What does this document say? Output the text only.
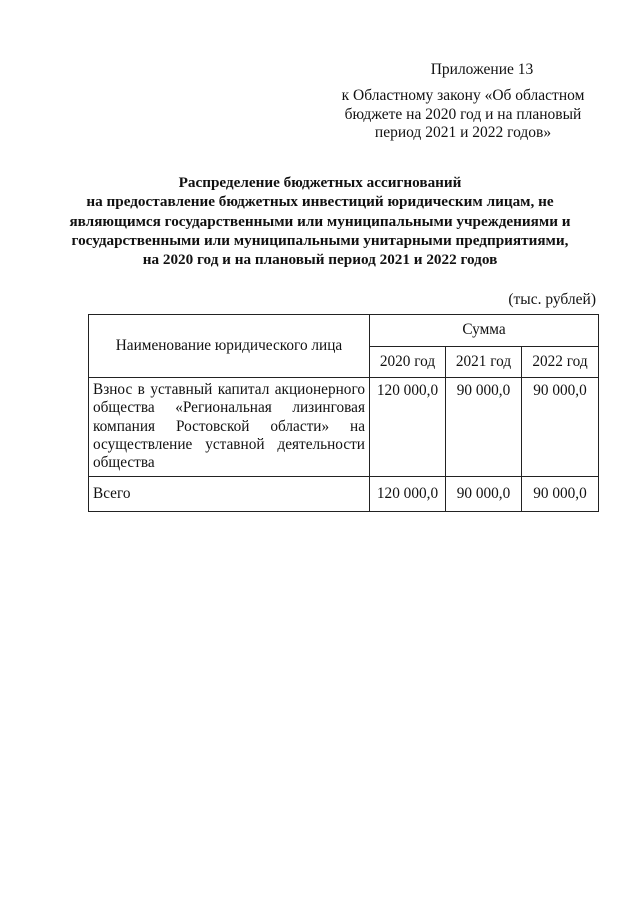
Приложение 13
к Областному закону «Об областном
бюджете на 2020 год и на плановый
период 2021 и 2022 годов»
Распределение бюджетных ассигнований
на предоставление бюджетных инвестиций юридическим лицам, не
являющимся государственными или муниципальными учреждениями и
государственными или муниципальными унитарными предприятиями,
на 2020 год и на плановый период 2021 и 2022 годов
(тыс. рублей)
Наименование юридического лица	Сумма		
	2020 год	2021 год	2022 год
Взнос в уставный капитал акционерного общества «Региональная лизинговая компания Ростовской области» на осуществление уставной деятельности общества	120 000,0	90 000,0	90 000,0
Всего	120 000,0	90 000,0	90 000,0
